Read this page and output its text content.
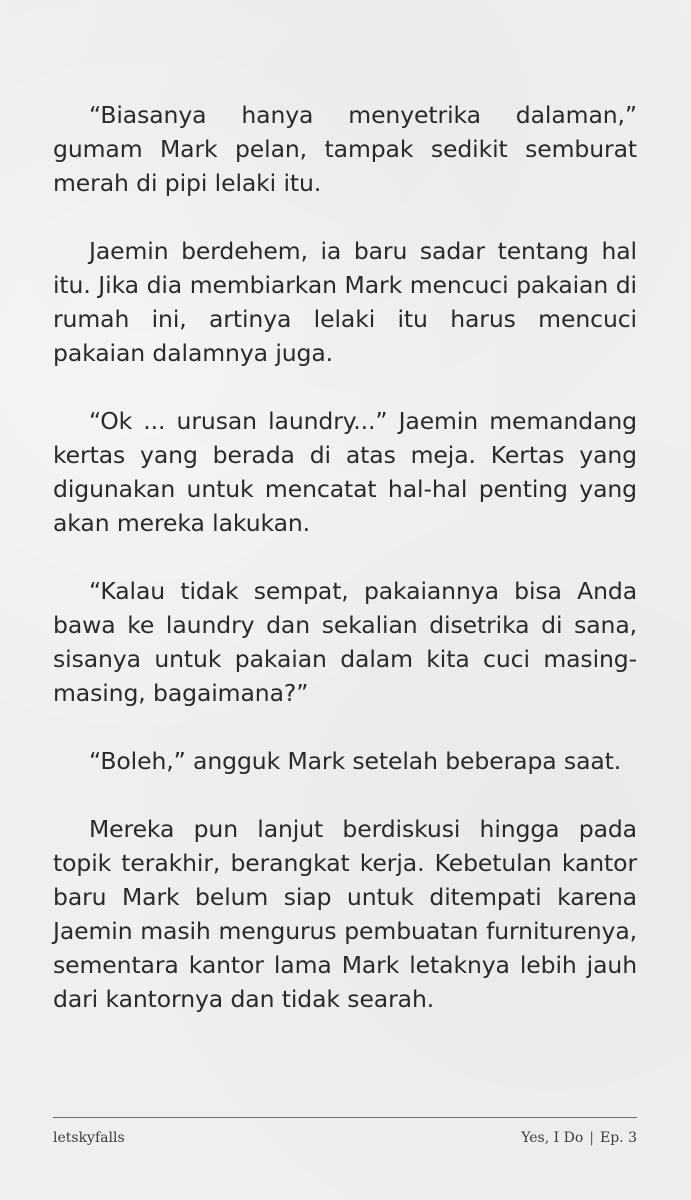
“Biasanya hanya menyetrika dalaman,” gumam Mark pelan, tampak sedikit semburat merah di pipi lelaki itu.

Jaemin berdehem, ia baru sadar tentang hal itu. Jika dia membiarkan Mark mencuci pakaian di rumah ini, artinya lelaki itu harus mencuci pakaian dalamnya juga.

“Ok ... urusan laundry...” Jaemin memandang kertas yang berada di atas meja. Kertas yang digunakan untuk mencatat hal-hal penting yang akan mereka lakukan.

“Kalau tidak sempat, pakaiannya bisa Anda bawa ke laundry dan sekalian disetrika di sana, sisanya untuk pakaian dalam kita cuci masing-masing, bagaimana?”

“Boleh,” angguk Mark setelah beberapa saat.

Mereka pun lanjut berdiskusi hingga pada topik terakhir, berangkat kerja. Kebetulan kantor baru Mark belum siap untuk ditempati karena Jaemin masih mengurus pembuatan furniturenya, sementara kantor lama Mark letaknya lebih jauh dari kantornya dan tidak searah.

letskyfalls	Yes, I Do | Ep. 3
